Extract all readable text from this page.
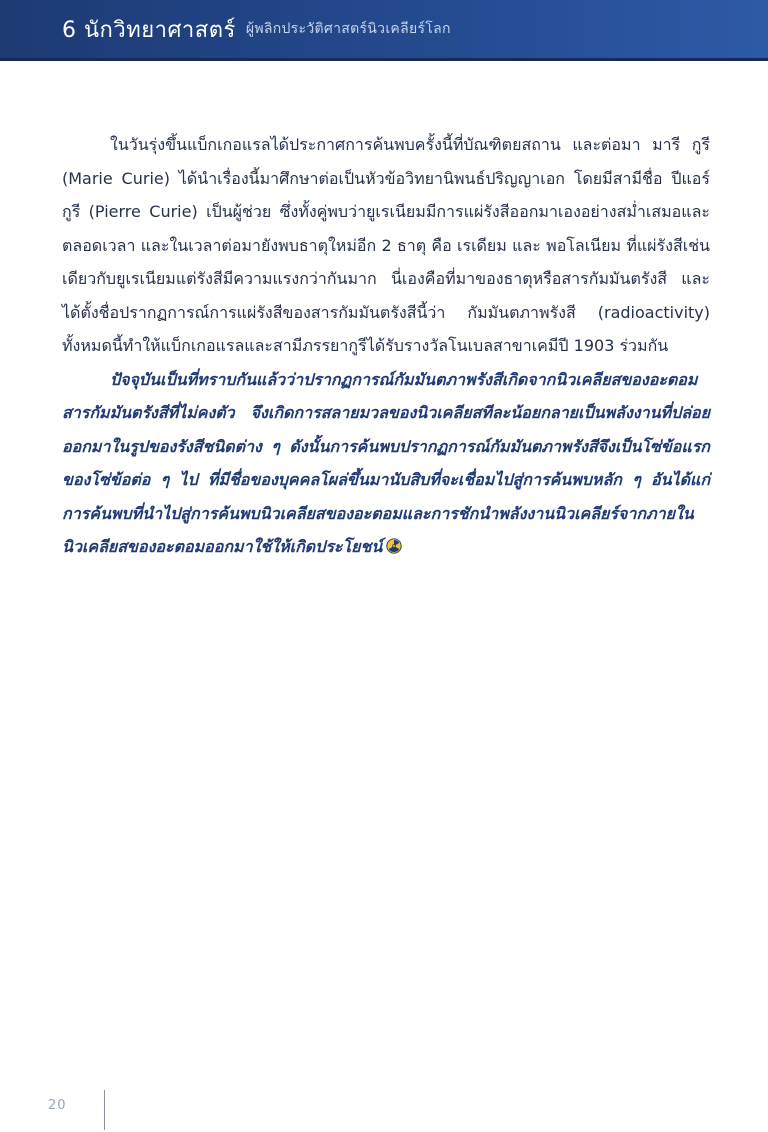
6 นักวิทยาศาสตร์ ผู้พลิกประวัติศาสตร์นิวเคลียร์โลก

ในวันรุ่งขึ้นแบ็กเกอแรลได้ประกาศการค้นพบครั้งนี้ที่บัณฑิตยสถาน และต่อมา มารี กูรี (Marie Curie) ได้นำเรื่องนี้มาศึกษาต่อเป็นหัวข้อวิทยานิพนธ์ปริญญาเอก โดยมีสามีชื่อ ปีแอร์ กูรี (Pierre Curie) เป็นผู้ช่วย ซึ่งทั้งคู่พบว่ายูเรเนียมมีการแผ่รังสีออกมาเองอย่างสม่ำเสมอและตลอดเวลา และในเวลาต่อมายังพบธาตุใหม่อีก 2 ธาตุ คือ เรเดียม และ พอโลเนียม ที่แผ่รังสีเช่นเดียวกับยูเรเนียมแต่รังสีมีความแรงกว่ากันมาก นี่เองคือที่มาของธาตุหรือสารกัมมันตรังสี และได้ตั้งชื่อปรากฏการณ์การแผ่รังสีของสารกัมมันตรังสีนี้ว่า กัมมันตภาพรังสี (radioactivity) ทั้งหมดนี้ทำให้แบ็กเกอแรลและสามีภรรยากูรีได้รับรางวัลโนเบลสาขาเคมีปี 1903 ร่วมกัน

ปัจจุบันเป็นที่ทราบกันแล้วว่าปรากฏการณ์กัมมันตภาพรังสีเกิดจากนิวเคลียสของอะตอมสารกัมมันตรังสีที่ไม่คงตัว จึงเกิดการสลายมวลของนิวเคลียสทีละน้อยกลายเป็นพลังงานที่ปล่อยออกมาในรูปของรังสีชนิดต่าง ๆ ดังนั้นการค้นพบปรากฏการณ์กัมมันตภาพรังสีจึงเป็นโซ่ข้อแรกของโซ่ข้อต่อ ๆ ไป ที่มีชื่อของบุคคลโผล่ขึ้นมานับสิบที่จะเชื่อมไปสู่การค้นพบหลัก ๆ อันได้แก่การค้นพบที่นำไปสู่การค้นพบนิวเคลียสของอะตอมและการชักนำพลังงานนิวเคลียร์จากภายในนิวเคลียสของอะตอมออกมาใช้ให้เกิดประโยชน์

20
